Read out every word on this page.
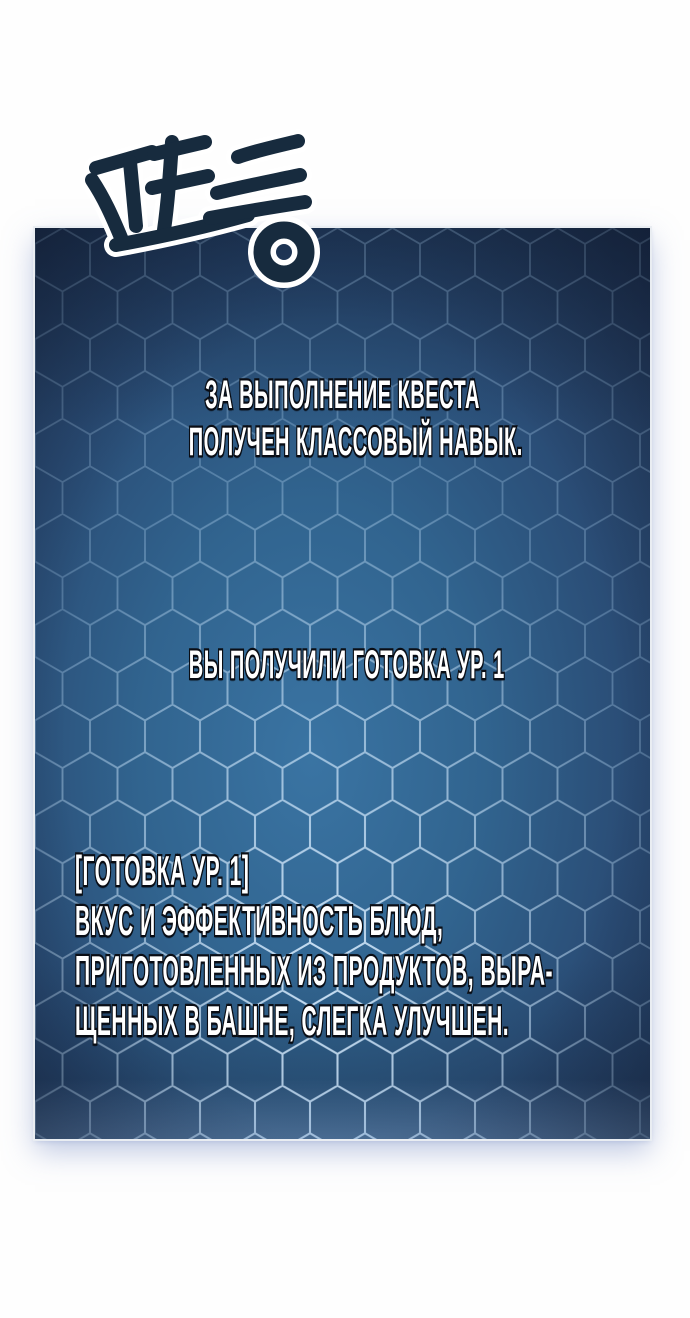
ЗА ВЫПОЛНЕНИЕ КВЕСТА
ПОЛУЧЕН КЛАССОВЫЙ НАВЫК.
ВЫ ПОЛУЧИЛИ ГОТОВКА УР. 1
[ГОТОВКА УР. 1]
ВКУС И ЭФФЕКТИВНОСТЬ БЛЮД,
ПРИГОТОВЛЕННЫХ ИЗ ПРОДУКТОВ, ВЫРА-
ЩЕННЫХ В БАШНЕ, СЛЕГКА УЛУЧШЕН.
